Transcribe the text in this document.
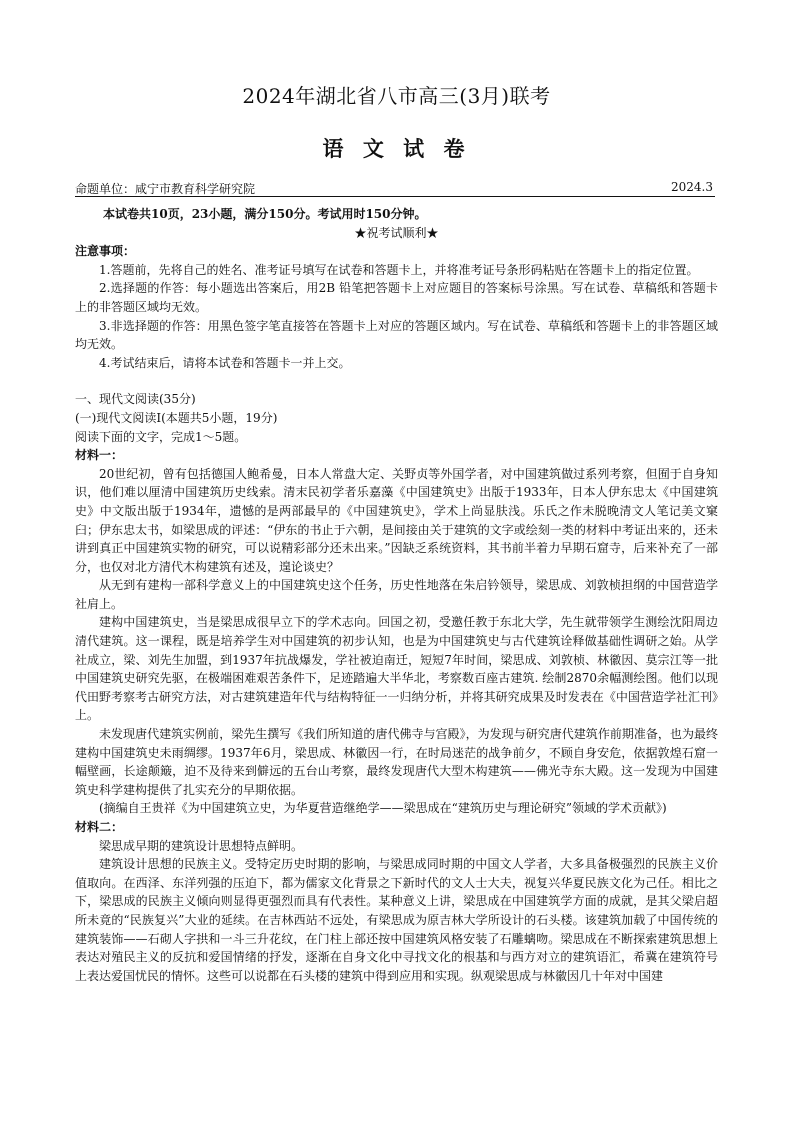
2024年湖北省八市高三(3月)联考
语 文 试 卷
命题单位：咸宁市教育科学研究院	2024.3

本试卷共10页，23小题，满分150分。考试用时150分钟。

★祝考试顺利★

注意事项：

1.答题前，先将自己的姓名、准考证号填写在试卷和答题卡上，并将准考证号条形码粘贴在答题卡上的指定位置。

2.选择题的作答：每小题选出答案后，用2B 铅笔把答题卡上对应题目的答案标号涂黑。写在试卷、草稿纸和答题卡上的非答题区域均无效。

3.非选择题的作答：用黑色签字笔直接答在答题卡上对应的答题区域内。写在试卷、草稿纸和答题卡上的非答题区域均无效。

4.考试结束后，请将本试卷和答题卡一并上交。

一、现代文阅读(35分)

(一)现代文阅读Ⅰ(本题共5小题，19分)

阅读下面的文字，完成1～5题。

材料一：

20世纪初，曾有包括德国人鲍希曼，日本人常盘大定、关野贞等外国学者，对中国建筑做过系列考察，但囿于自身知识，他们难以厘清中国建筑历史线索。清末民初学者乐嘉藻《中国建筑史》出版于1933年，日本人伊东忠太《中国建筑史》中文版出版于1934年，遗憾的是两部最早的《中国建筑史》，学术上尚显肤浅。乐氏之作未脱晚清文人笔记美文窠臼；伊东忠太书，如梁思成的评述：“伊东的书止于六朝，是间接由关于建筑的文字或绘刻一类的材料中考证出来的，还未讲到真正中国建筑实物的研究，可以说精彩部分还未出来。”因缺乏系统资料，其书前半着力早期石窟寺，后来补充了一部分，也仅对北方清代木构建筑有述及，遑论谈史？

从无到有建构一部科学意义上的中国建筑史这个任务，历史性地落在朱启钤领导，梁思成、刘敦桢担纲的中国营造学社肩上。

建构中国建筑史，当是梁思成很早立下的学术志向。回国之初，受邀任教于东北大学，先生就带领学生测绘沈阳周边清代建筑。这一课程，既是培养学生对中国建筑的初步认知，也是为中国建筑史与古代建筑诠释做基础性调研之始。从学社成立，梁、刘先生加盟，到1937年抗战爆发，学社被迫南迁，短短7年时间，梁思成、刘敦桢、林徽因、莫宗江等一批中国建筑史研究先驱，在极端困难艰苦条件下，足迹踏遍大半华北，考察数百座古建筑. 绘制2870余幅测绘图。他们以现代田野考察考古研究方法，对古建筑建造年代与结构特征一一归纳分析，并将其研究成果及时发表在《中国营造学社汇刊》上。

未发现唐代建筑实例前，梁先生撰写《我们所知道的唐代佛寺与宫殿》，为发现与研究唐代建筑作前期准备，也为最终建构中国建筑史未雨绸缪。1937年6月，梁思成、林徽因一行，在时局迷茫的战争前夕，不顾自身安危，依据敦煌石窟一幅壁画，长途颠簸，迫不及待来到僻远的五台山考察，最终发现唐代大型木构建筑——佛光寺东大殿。这一发现为中国建筑史科学建构提供了扎实充分的早期依据。

(摘编自王贵祥《为中国建筑立史，为华夏营造继绝学——梁思成在“建筑历史与理论研究”领域的学术贡献》)

材料二：

梁思成早期的建筑设计思想特点鲜明。

建筑设计思想的民族主义。受特定历史时期的影响，与梁思成同时期的中国文人学者，大多具备极强烈的民族主义价值取向。在西泽、东洋列强的压迫下，都为儒家文化背景之下新时代的文人士大夫，视复兴华夏民族文化为己任。相比之下，梁思成的民族主义倾向则显得更强烈而具有代表性。某种意义上讲，梁思成在中国建筑学方面的成就，是其父梁启超所未竟的“民族复兴”大业的延续。在吉林西站不远处，有梁思成为原吉林大学所设计的石头楼。该建筑加载了中国传统的建筑装饰——石砌人字拱和一斗三升花纹，在门柱上部还按中国建筑风格安装了石雕螭吻。梁思成在不断探索建筑思想上表达对殖民主义的反抗和爱国情绪的抒发，逐渐在自身文化中寻找文化的根基和与西方对立的建筑语汇，希冀在建筑符号上表达爱国忧民的情怀。这些可以说都在石头楼的建筑中得到应用和实现。纵观梁思成与林徽因几十年对中国建
